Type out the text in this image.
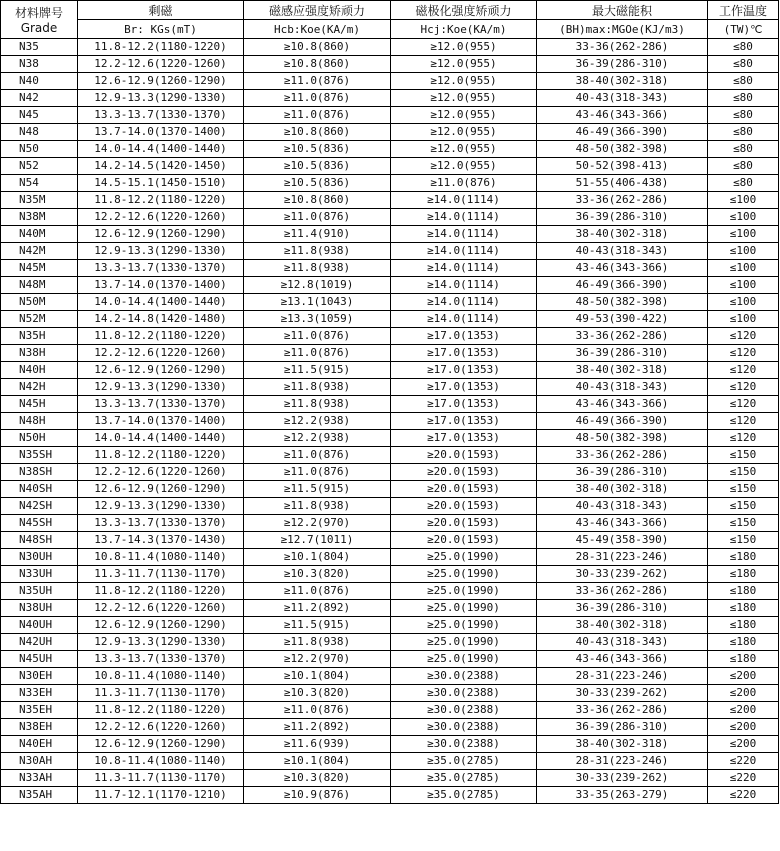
材料牌号
Grade	剩磁	磁感应强度矫顽力	磁极化强度矫顽力	最大磁能积	工作温度
	Br: KGs(mT)	Hcb:Koe(KA/m)	Hcj:Koe(KA/m)	(BH)max:MGOe(KJ/m3)	(TW)℃
N35	11.8-12.2(1180-1220)	≥10.8(860)	≥12.0(955)	33-36(262-286)	≤80
N38	12.2-12.6(1220-1260)	≥10.8(860)	≥12.0(955)	36-39(286-310)	≤80
N40	12.6-12.9(1260-1290)	≥11.0(876)	≥12.0(955)	38-40(302-318)	≤80
N42	12.9-13.3(1290-1330)	≥11.0(876)	≥12.0(955)	40-43(318-343)	≤80
N45	13.3-13.7(1330-1370)	≥11.0(876)	≥12.0(955)	43-46(343-366)	≤80
N48	13.7-14.0(1370-1400)	≥10.8(860)	≥12.0(955)	46-49(366-390)	≤80
N50	14.0-14.4(1400-1440)	≥10.5(836)	≥12.0(955)	48-50(382-398)	≤80
N52	14.2-14.5(1420-1450)	≥10.5(836)	≥12.0(955)	50-52(398-413)	≤80
N54	14.5-15.1(1450-1510)	≥10.5(836)	≥11.0(876)	51-55(406-438)	≤80
N35M	11.8-12.2(1180-1220)	≥10.8(860)	≥14.0(1114)	33-36(262-286)	≤100
N38M	12.2-12.6(1220-1260)	≥11.0(876)	≥14.0(1114)	36-39(286-310)	≤100
N40M	12.6-12.9(1260-1290)	≥11.4(910)	≥14.0(1114)	38-40(302-318)	≤100
N42M	12.9-13.3(1290-1330)	≥11.8(938)	≥14.0(1114)	40-43(318-343)	≤100
N45M	13.3-13.7(1330-1370)	≥11.8(938)	≥14.0(1114)	43-46(343-366)	≤100
N48M	13.7-14.0(1370-1400)	≥12.8(1019)	≥14.0(1114)	46-49(366-390)	≤100
N50M	14.0-14.4(1400-1440)	≥13.1(1043)	≥14.0(1114)	48-50(382-398)	≤100
N52M	14.2-14.8(1420-1480)	≥13.3(1059)	≥14.0(1114)	49-53(390-422)	≤100
N35H	11.8-12.2(1180-1220)	≥11.0(876)	≥17.0(1353)	33-36(262-286)	≤120
N38H	12.2-12.6(1220-1260)	≥11.0(876)	≥17.0(1353)	36-39(286-310)	≤120
N40H	12.6-12.9(1260-1290)	≥11.5(915)	≥17.0(1353)	38-40(302-318)	≤120
N42H	12.9-13.3(1290-1330)	≥11.8(938)	≥17.0(1353)	40-43(318-343)	≤120
N45H	13.3-13.7(1330-1370)	≥11.8(938)	≥17.0(1353)	43-46(343-366)	≤120
N48H	13.7-14.0(1370-1400)	≥12.2(938)	≥17.0(1353)	46-49(366-390)	≤120
N50H	14.0-14.4(1400-1440)	≥12.2(938)	≥17.0(1353)	48-50(382-398)	≤120
N35SH	11.8-12.2(1180-1220)	≥11.0(876)	≥20.0(1593)	33-36(262-286)	≤150
N38SH	12.2-12.6(1220-1260)	≥11.0(876)	≥20.0(1593)	36-39(286-310)	≤150
N40SH	12.6-12.9(1260-1290)	≥11.5(915)	≥20.0(1593)	38-40(302-318)	≤150
N42SH	12.9-13.3(1290-1330)	≥11.8(938)	≥20.0(1593)	40-43(318-343)	≤150
N45SH	13.3-13.7(1330-1370)	≥12.2(970)	≥20.0(1593)	43-46(343-366)	≤150
N48SH	13.7-14.3(1370-1430)	≥12.7(1011)	≥20.0(1593)	45-49(358-390)	≤150
N30UH	10.8-11.4(1080-1140)	≥10.1(804)	≥25.0(1990)	28-31(223-246)	≤180
N33UH	11.3-11.7(1130-1170)	≥10.3(820)	≥25.0(1990)	30-33(239-262)	≤180
N35UH	11.8-12.2(1180-1220)	≥11.0(876)	≥25.0(1990)	33-36(262-286)	≤180
N38UH	12.2-12.6(1220-1260)	≥11.2(892)	≥25.0(1990)	36-39(286-310)	≤180
N40UH	12.6-12.9(1260-1290)	≥11.5(915)	≥25.0(1990)	38-40(302-318)	≤180
N42UH	12.9-13.3(1290-1330)	≥11.8(938)	≥25.0(1990)	40-43(318-343)	≤180
N45UH	13.3-13.7(1330-1370)	≥12.2(970)	≥25.0(1990)	43-46(343-366)	≤180
N30EH	10.8-11.4(1080-1140)	≥10.1(804)	≥30.0(2388)	28-31(223-246)	≤200
N33EH	11.3-11.7(1130-1170)	≥10.3(820)	≥30.0(2388)	30-33(239-262)	≤200
N35EH	11.8-12.2(1180-1220)	≥11.0(876)	≥30.0(2388)	33-36(262-286)	≤200
N38EH	12.2-12.6(1220-1260)	≥11.2(892)	≥30.0(2388)	36-39(286-310)	≤200
N40EH	12.6-12.9(1260-1290)	≥11.6(939)	≥30.0(2388)	38-40(302-318)	≤200
N30AH	10.8-11.4(1080-1140)	≥10.1(804)	≥35.0(2785)	28-31(223-246)	≤220
N33AH	11.3-11.7(1130-1170)	≥10.3(820)	≥35.0(2785)	30-33(239-262)	≤220
N35AH	11.7-12.1(1170-1210)	≥10.9(876)	≥35.0(2785)	33-35(263-279)	≤220
